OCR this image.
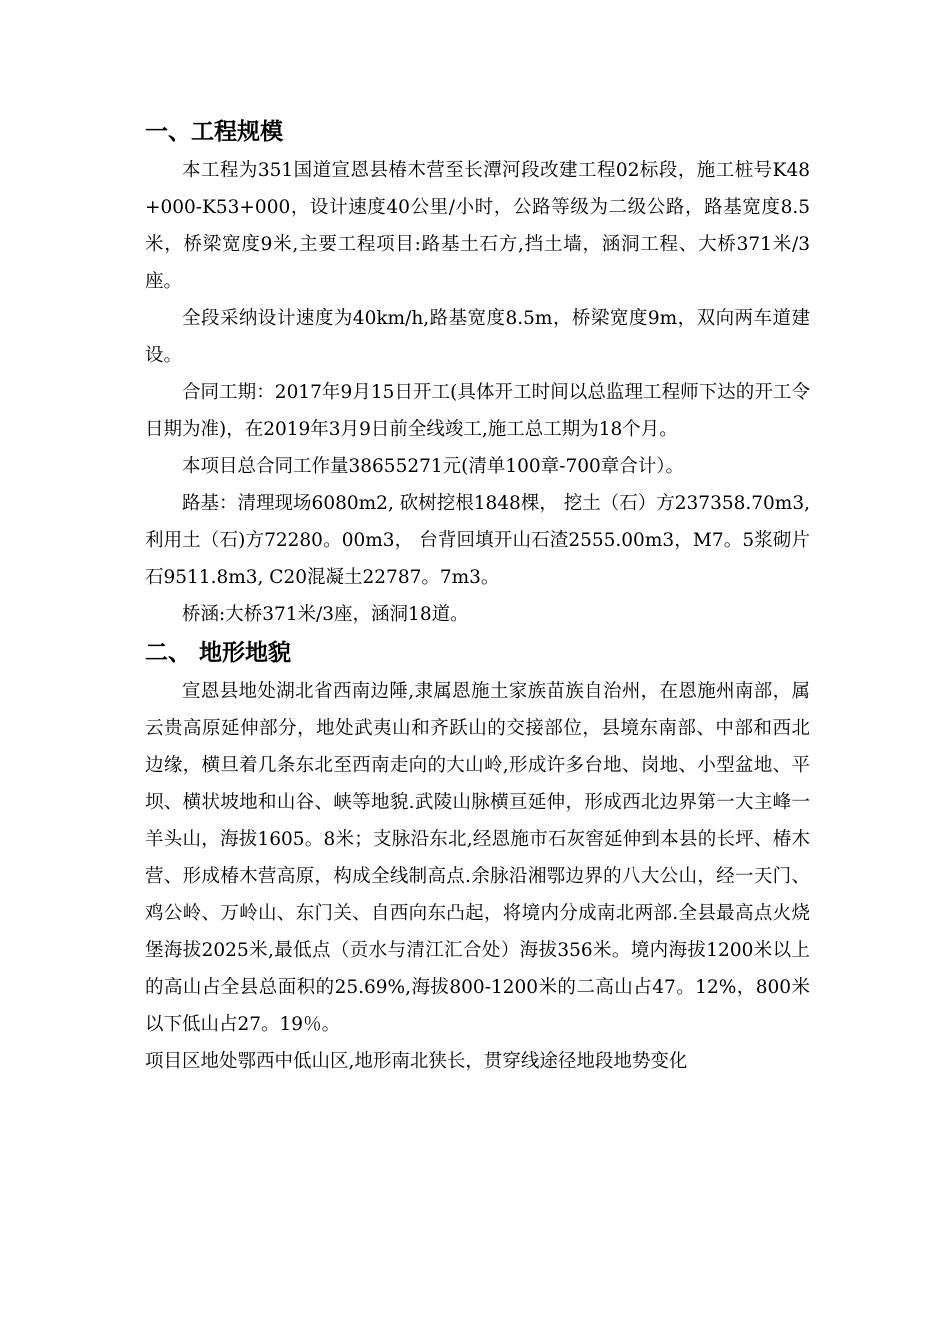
一、工程规模

本工程为351国道宣恩县椿木营至长潭河段改建工程02标段，施工桩号K48+000-K53+000，设计速度40公里/小时，公路等级为二级公路，路基宽度8.5米，桥梁宽度9米,主要工程项目:路基土石方,挡土墙，涵洞工程、大桥371米/3座。

全段采纳设计速度为40km/h,路基宽度8.5m，桥梁宽度9m，双向两车道建设。

合同工期：2017年9月15日开工(具体开工时间以总监理工程师下达的开工令日期为准)，在2019年3月9日前全线竣工,施工总工期为18个月。

本项目总合同工作量38655271元(清单100章-700章合计）。

路基：清理现场6080m2, 砍树挖根1848棵， 挖土（石）方237358.70m3,利用土（石)方72280。00m3， 台背回填开山石渣2555.00m3，M7。5浆砌片石9511.8m3, C20混凝土22787。7m3。

桥涵:大桥371米/3座，涵洞18道。

二、 地形地貌

宣恩县地处湖北省西南边陲,隶属恩施土家族苗族自治州，在恩施州南部，属云贵高原延伸部分，地处武夷山和齐跃山的交接部位，县境东南部、中部和西北边缘，横旦着几条东北至西南走向的大山岭,形成许多台地、岗地、小型盆地、平坝、横状坡地和山谷、峡等地貌.武陵山脉横亘延伸，形成西北边界第一大主峰一羊头山，海拔1605。8米；支脉沿东北,经恩施市石灰窖延伸到本县的长坪、椿木营、形成椿木营高原，构成全线制高点.余脉沿湘鄂边界的八大公山，经一天门、鸡公岭、万岭山、东门关、自西向东凸起，将境内分成南北两部.全县最高点火烧堡海拔2025米,最低点（贡水与清江汇合处）海拔356米。境内海拔1200米以上的高山占全县总面积的25.69%,海拔800-1200米的二高山占47。12%，800米以下低山占27。19％。

项目区地处鄂西中低山区,地形南北狭长，贯穿线途径地段地势变化
